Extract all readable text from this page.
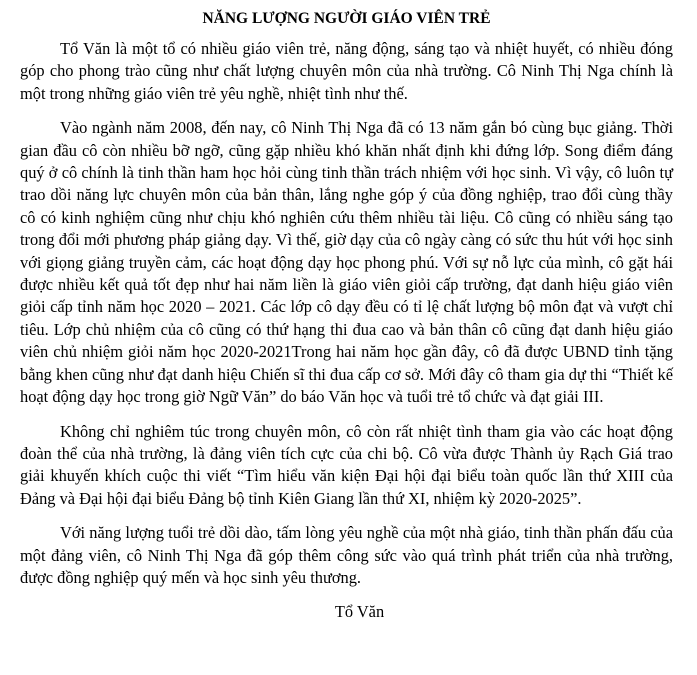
NĂNG LƯỢNG NGƯỜI GIÁO VIÊN TRẺ

Tổ Văn là một tổ có nhiều giáo viên trẻ, năng động, sáng tạo và nhiệt huyết, có nhiều đóng góp cho phong trào cũng như chất lượng chuyên môn của nhà trường. Cô Ninh Thị Nga chính là một trong những giáo viên trẻ yêu nghề, nhiệt tình như thế.

Vào ngành năm 2008, đến nay, cô Ninh Thị Nga đã có 13 năm gắn bó cùng bục giảng. Thời gian đầu cô còn nhiều bỡ ngỡ, cũng gặp nhiều khó khăn nhất định khi đứng lớp. Song điểm đáng quý ở cô chính là tinh thần ham học hỏi cùng tinh thần trách nhiệm với học sinh. Vì vậy, cô luôn tự trao dồi năng lực chuyên môn của bản thân, lắng nghe góp ý của đồng nghiệp, trao đổi cùng thầy cô có kinh nghiệm cũng như chịu khó nghiên cứu thêm nhiều tài liệu. Cô cũng có nhiều sáng tạo trong đổi mới phương pháp giảng dạy. Vì thế, giờ dạy của cô ngày càng có sức thu hút với học sinh với giọng giảng truyền cảm, các hoạt động dạy học phong phú. Với sự nỗ lực của mình, cô gặt hái được nhiều kết quả tốt đẹp như hai năm liền là giáo viên giỏi cấp trường, đạt danh hiệu giáo viên giỏi cấp tỉnh năm học 2020 – 2021. Các lớp cô dạy đều có tỉ lệ chất lượng bộ môn đạt và vượt chỉ tiêu. Lớp chủ nhiệm của cô cũng có thứ hạng thi đua cao và bản thân cô cũng đạt danh hiệu giáo viên chủ nhiệm giỏi năm học 2020-2021Trong hai năm học gần đây, cô đã được UBND tỉnh tặng bằng khen cũng như đạt danh hiệu Chiến sĩ thi đua cấp cơ sở. Mới đây cô tham gia dự thi “Thiết kế hoạt động dạy học trong giờ Ngữ Văn” do báo Văn học và tuổi trẻ tổ chức và đạt giải III.

Không chỉ nghiêm túc trong chuyên môn, cô còn rất nhiệt tình tham gia vào các hoạt động đoàn thể của nhà trường, là đảng viên tích cực của chi bộ. Cô vừa được Thành ủy Rạch Giá trao giải khuyến khích cuộc thi viết “Tìm hiểu văn kiện Đại hội đại biểu toàn quốc lần thứ XIII của Đảng và Đại hội đại biểu Đảng bộ tỉnh Kiên Giang lần thứ XI, nhiệm kỳ 2020-2025”.

Với năng lượng tuổi trẻ dồi dào, tấm lòng yêu nghề của một nhà giáo, tinh thần phấn đấu của một đảng viên, cô Ninh Thị Nga đã góp thêm công sức vào quá trình phát triển của nhà trường, được đồng nghiệp quý mến và học sinh yêu thương.

Tổ Văn
